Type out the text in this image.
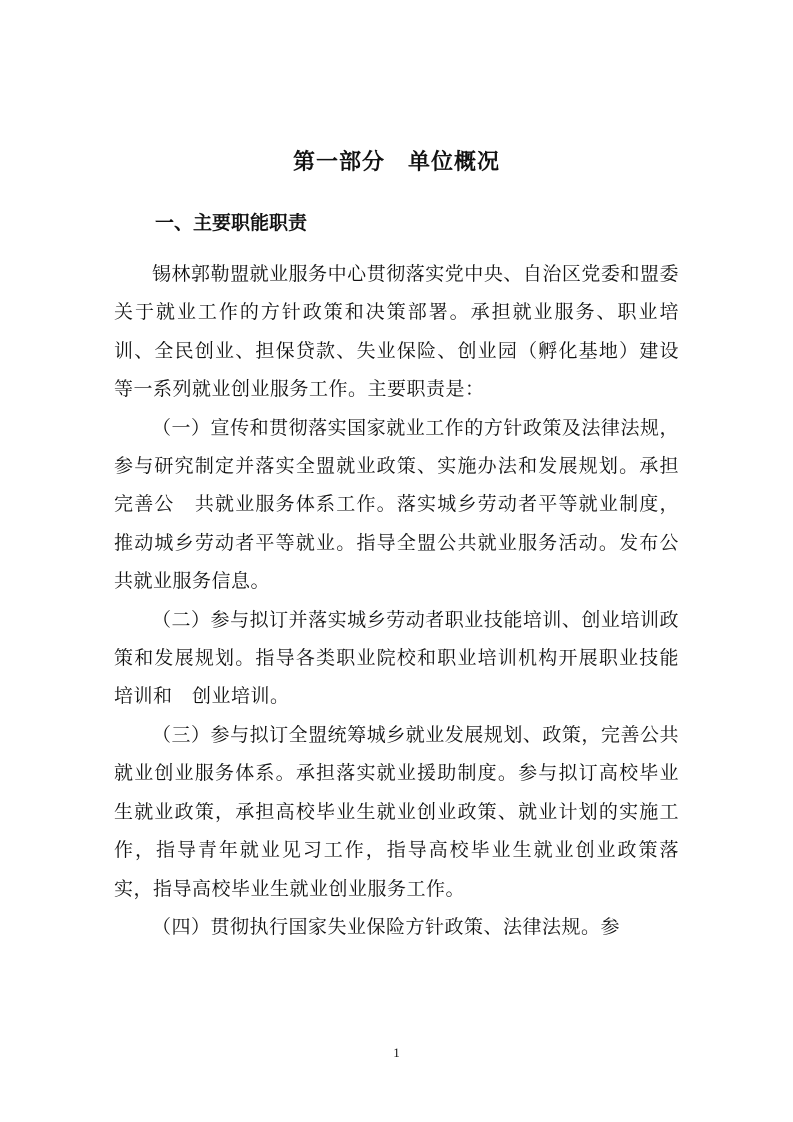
第一部分　单位概况
一、主要职能职责

锡林郭勒盟就业服务中心贯彻落实党中央、自治区党委和盟委关于就业工作的方针政策和决策部署。承担就业服务、职业培训、全民创业、担保贷款、失业保险、创业园（孵化基地）建设等一系列就业创业服务工作。主要职责是：

（一）宣传和贯彻落实国家就业工作的方针政策及法律法规，参与研究制定并落实全盟就业政策、实施办法和发展规划。承担完善公　共就业服务体系工作。落实城乡劳动者平等就业制度，推动城乡劳动者平等就业。指导全盟公共就业服务活动。发布公共就业服务信息。

（二）参与拟订并落实城乡劳动者职业技能培训、创业培训政策和发展规划。指导各类职业院校和职业培训机构开展职业技能培训和　创业培训。

（三）参与拟订全盟统筹城乡就业发展规划、政策，完善公共就业创业服务体系。承担落实就业援助制度。参与拟订高校毕业生就业政策，承担高校毕业生就业创业政策、就业计划的实施工作，指导青年就业见习工作，指导高校毕业生就业创业政策落实，指导高校毕业生就业创业服务工作。

（四）贯彻执行国家失业保险方针政策、法律法规。参

1
